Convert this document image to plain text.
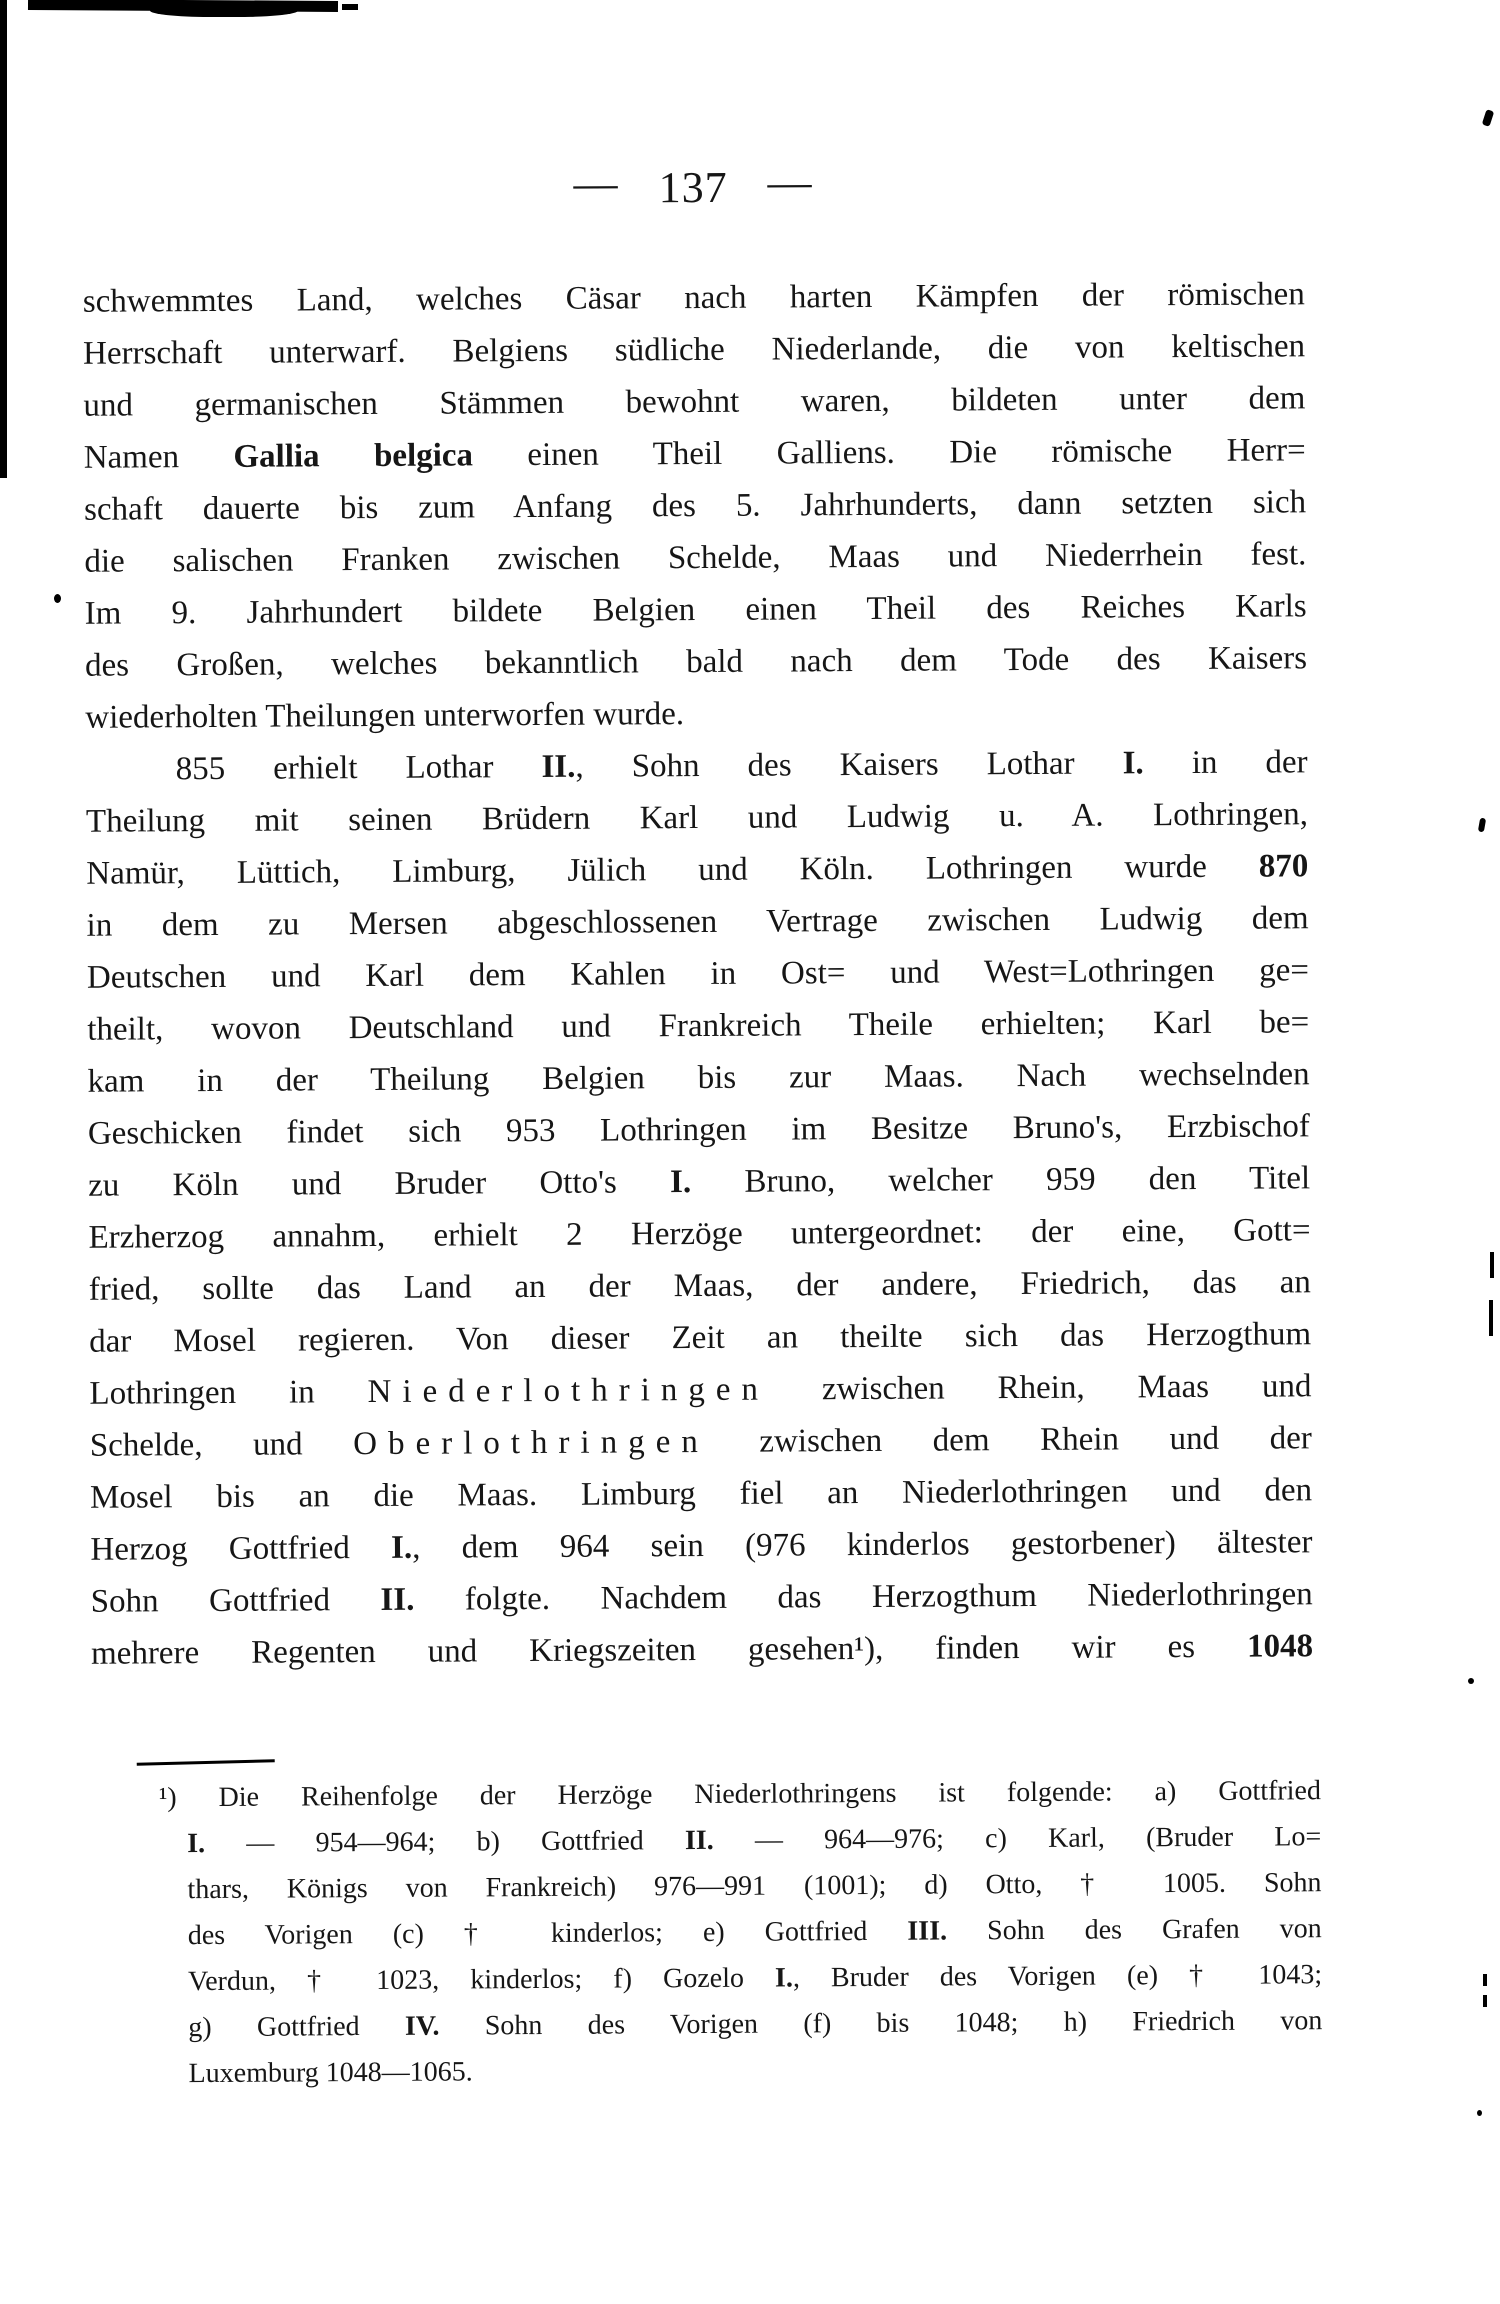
— 137 —
schwemmtes Land, welches Cäsar nach harten Kämpfen der römischen
Herrschaft unterwarf. Belgiens südliche Niederlande, die von keltischen
und germanischen Stämmen bewohnt waren, bildeten unter dem
Namen Gallia belgica einen Theil Galliens. Die römische Herr=
schaft dauerte bis zum Anfang des 5. Jahrhunderts, dann setzten sich
die salischen Franken zwischen Schelde, Maas und Niederrhein fest.
Im 9. Jahrhundert bildete Belgien einen Theil des Reiches Karls
des Großen, welches bekanntlich bald nach dem Tode des Kaisers
wiederholten Theilungen unterworfen wurde.
855 erhielt Lothar II., Sohn des Kaisers Lothar I. in der
Theilung mit seinen Brüdern Karl und Ludwig u. A. Lothringen,
Namür, Lüttich, Limburg, Jülich und Köln. Lothringen wurde 870
in dem zu Mersen abgeschlossenen Vertrage zwischen Ludwig dem
Deutschen und Karl dem Kahlen in Ost= und West=Lothringen ge=
theilt, wovon Deutschland und Frankreich Theile erhielten; Karl be=
kam in der Theilung Belgien bis zur Maas. Nach wechselnden
Geschicken findet sich 953 Lothringen im Besitze Bruno's, Erzbischof
zu Köln und Bruder Otto's I. Bruno, welcher 959 den Titel
Erzherzog annahm, erhielt 2 Herzöge untergeordnet: der eine, Gott=
fried, sollte das Land an der Maas, der andere, Friedrich, das an
dar Mosel regieren. Von dieser Zeit an theilte sich das Herzogthum
Lothringen in Niederlothringen zwischen Rhein, Maas und
Schelde, und Oberlothringen zwischen dem Rhein und der
Mosel bis an die Maas. Limburg fiel an Niederlothringen und den
Herzog Gottfried I., dem 964 sein (976 kinderlos gestorbener) ältester
Sohn Gottfried II. folgte. Nachdem das Herzogthum Niederlothringen
mehrere Regenten und Kriegszeiten gesehen¹), finden wir es 1048
¹) Die Reihenfolge der Herzöge Niederlothringens ist folgende: a) Gottfried
I. — 954—964; b) Gottfried II. — 964—976; c) Karl, (Bruder Lo=
thars, Königs von Frankreich) 976—991 (1001); d) Otto, † 1005. Sohn
des Vorigen (c) † kinderlos; e) Gottfried III. Sohn des Grafen von
Verdun, † 1023, kinderlos; f) Gozelo I., Bruder des Vorigen (e) † 1043;
g) Gottfried IV. Sohn des Vorigen (f) bis 1048; h) Friedrich von
Luxemburg 1048—1065.
